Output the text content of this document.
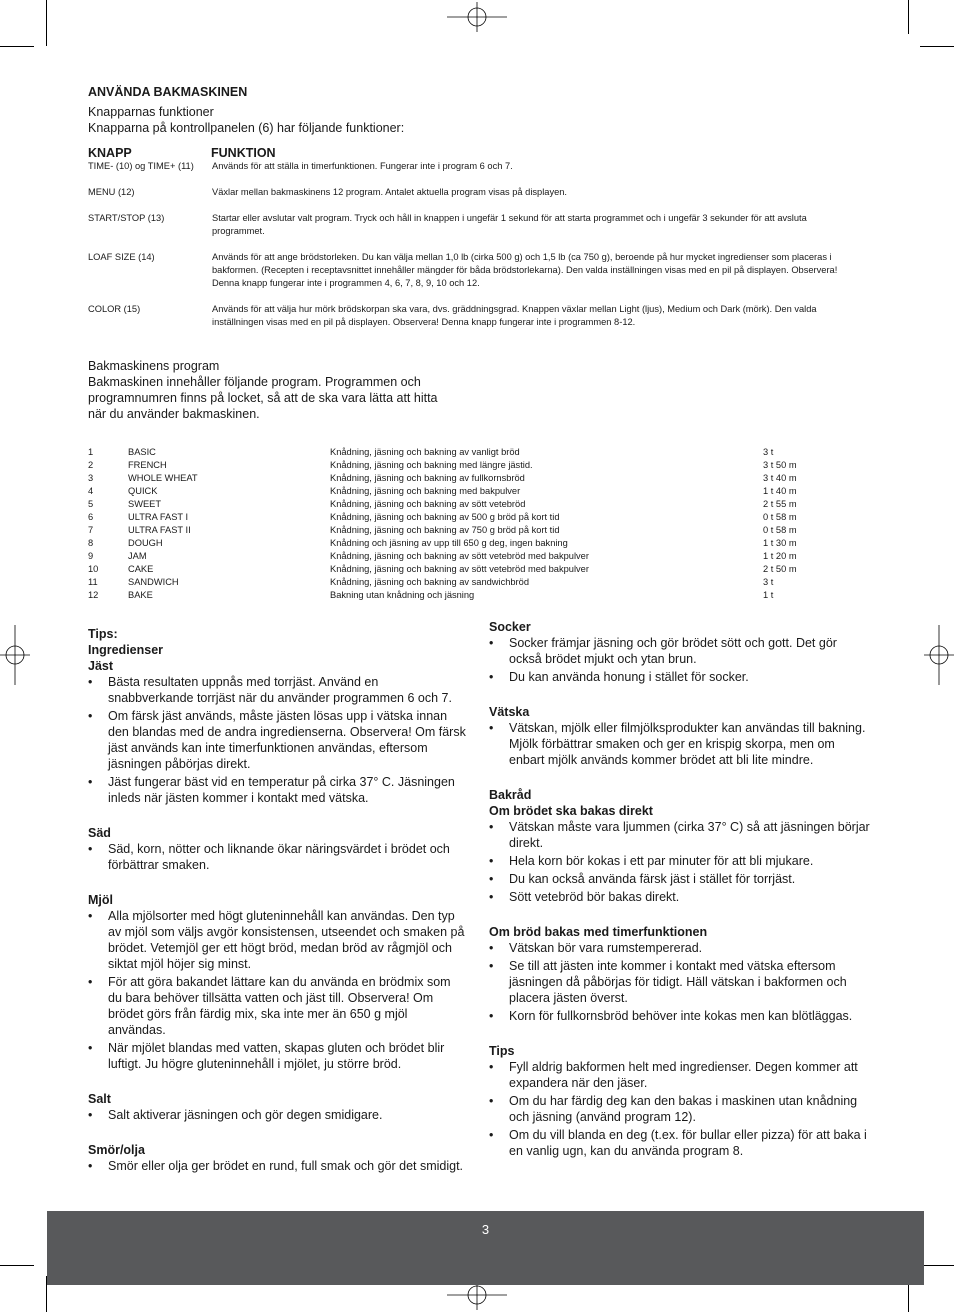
ANVÄNDA BAKMASKINEN
Knapparnas funktioner
Knapparna på kontrollpanelen (6) har följande funktioner:
KNAPP	FUNKTION
TIME- (10) og TIME+ (11)	Används för att ställa in timerfunktionen. Fungerar inte i program 6 och 7.
MENU (12)	Växlar mellan bakmaskinens 12 program. Antalet aktuella program visas på displayen.
START/STOP (13)	Startar eller avslutar valt program. Tryck och håll in knappen i ungefär 1 sekund för att starta programmet och i ungefär 3 sekunder för att avsluta programmet.
LOAF SIZE (14)	Används för att ange brödstorleken. Du kan välja mellan 1,0 lb (cirka 500 g) och 1,5 lb (ca 750 g), beroende på hur mycket ingredienser som placeras i bakformen. (Recepten i receptavsnittet innehåller mängder för båda brödstorlekarna). Den valda inställningen visas med en pil på displayen. Observera! Denna knapp fungerar inte i programmen 4, 6, 7, 8, 9, 10 och 12.
COLOR (15)	Används för att välja hur mörk brödskorpan ska vara, dvs. gräddningsgrad. Knappen växlar mellan Light (ljus), Medium och Dark (mörk). Den valda inställningen visas med en pil på displayen. Observera! Denna knapp fungerar inte i programmen 8-12.
Bakmaskinens program
Bakmaskinen innehåller följande program. Programmen och programnumren finns på locket, så att de ska vara lätta att hitta när du använder bakmaskinen.
1	BASIC	Knådning, jäsning och bakning av vanligt bröd	3 t
2	FRENCH	Knådning, jäsning och bakning med längre jästid.	3 t 50 m
3	WHOLE WHEAT	Knådning, jäsning och bakning av fullkornsbröd	3 t 40 m
4	QUICK	Knådning, jäsning och bakning med bakpulver	1 t 40 m
5	SWEET	Knådning, jäsning och bakning av sött vetebröd	2 t 55 m
6	ULTRA FAST I	Knådning, jäsning och bakning av 500 g bröd på kort tid	0 t 58 m
7	ULTRA FAST II	Knådning, jäsning och bakning av 750 g bröd på kort tid	0 t 58 m
8	DOUGH	Knådning och jäsning av upp till 650 g deg, ingen bakning	1 t 30 m
9	JAM	Knådning, jäsning och bakning av sött vetebröd med bakpulver	1 t 20 m
10	CAKE	Knådning, jäsning och bakning av sött vetebröd med bakpulver	2 t 50 m
11	SANDWICH	Knådning, jäsning och bakning av sandwichbröd	3 t
12	BAKE	Bakning utan knådning och jäsning	1 t
Tips:
Ingredienser
Jäst
• Bästa resultaten uppnås med torrjäst. Använd en snabbverkande torrjäst när du använder programmen 6 och 7.
• Om färsk jäst används, måste jästen lösas upp i vätska innan den blandas med de andra ingredienserna. Observera! Om färsk jäst används kan inte timerfunktionen användas, eftersom jäsningen påbörjas direkt.
• Jäst fungerar bäst vid en temperatur på cirka 37° C. Jäsningen inleds när jästen kommer i kontakt med vätska.
Säd
• Säd, korn, nötter och liknande ökar näringsvärdet i brödet och förbättrar smaken.
Mjöl
• Alla mjölsorter med högt gluteninnehåll kan användas. Den typ av mjöl som väljs avgör konsistensen, utseendet och smaken på brödet. Vetemjöl ger ett högt bröd, medan bröd av rågmjöl och siktat mjöl höjer sig minst.
• För att göra bakandet lättare kan du använda en brödmix som du bara behöver tillsätta vatten och jäst till. Observera! Om brödet görs från färdig mix, ska inte mer än 650 g mjöl användas.
• När mjölet blandas med vatten, skapas gluten och brödet blir luftigt. Ju högre gluteninnehåll i mjölet, ju större bröd.
Salt
• Salt aktiverar jäsningen och gör degen smidigare.
Smör/olja
• Smör eller olja ger brödet en rund, full smak och gör det smidigt.
Socker
• Socker främjar jäsning och gör brödet sött och gott. Det gör också brödet mjukt och ytan brun.
• Du kan använda honung i stället för socker.
Vätska
• Vätskan, mjölk eller filmjölksprodukter kan användas till bakning. Mjölk förbättrar smaken och ger en krispig skorpa, men om enbart mjölk används kommer brödet att bli lite mindre.
Bakråd
Om brödet ska bakas direkt
• Vätskan måste vara ljummen (cirka 37° C) så att jäsningen börjar direkt.
• Hela korn bör kokas i ett par minuter för att bli mjukare.
• Du kan också använda färsk jäst i stället för torrjäst.
• Sött vetebröd bör bakas direkt.
Om bröd bakas med timerfunktionen
• Vätskan bör vara rumstempererad.
• Se till att jästen inte kommer i kontakt med vätska eftersom jäsningen då påbörjas för tidigt. Häll vätskan i bakformen och placera jästen överst.
• Korn för fullkornsbröd behöver inte kokas men kan blötläggas.
Tips
• Fyll aldrig bakformen helt med ingredienser. Degen kommer att expandera när den jäser.
• Om du har färdig deg kan den bakas i maskinen utan knådning och jäsning (använd program 12).
• Om du vill blanda en deg (t.ex. för bullar eller pizza) för att baka i en vanlig ugn, kan du använda program 8.
3
